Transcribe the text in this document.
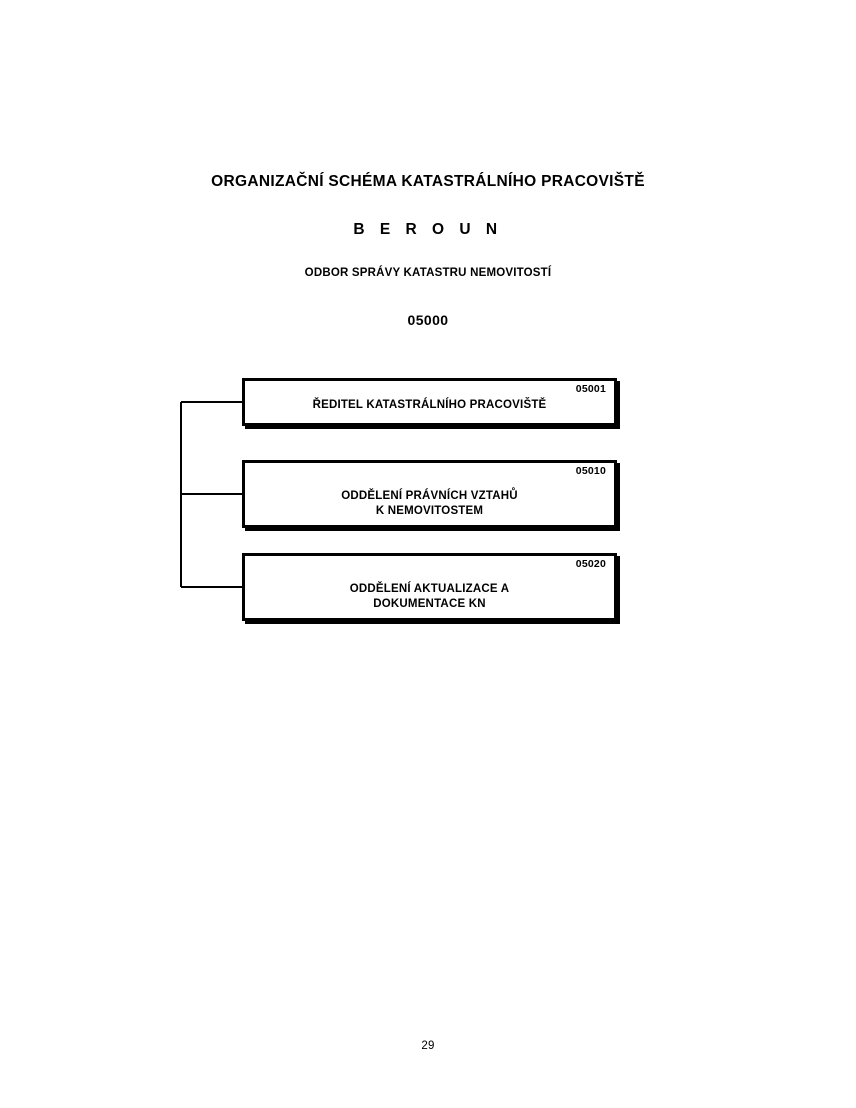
ORGANIZAČNÍ SCHÉMA KATASTRÁLNÍHO PRACOVIŠTĚ
B E R O U N
ODBOR SPRÁVY KATASTRU NEMOVITOSTÍ
05000
05001
ŘEDITEL KATASTRÁLNÍHO PRACOVIŠTĚ
05010
ODDĚLENÍ PRÁVNÍCH VZTAHŮ
K NEMOVITOSTEM
05020
ODDĚLENÍ AKTUALIZACE A
DOKUMENTACE KN
29
